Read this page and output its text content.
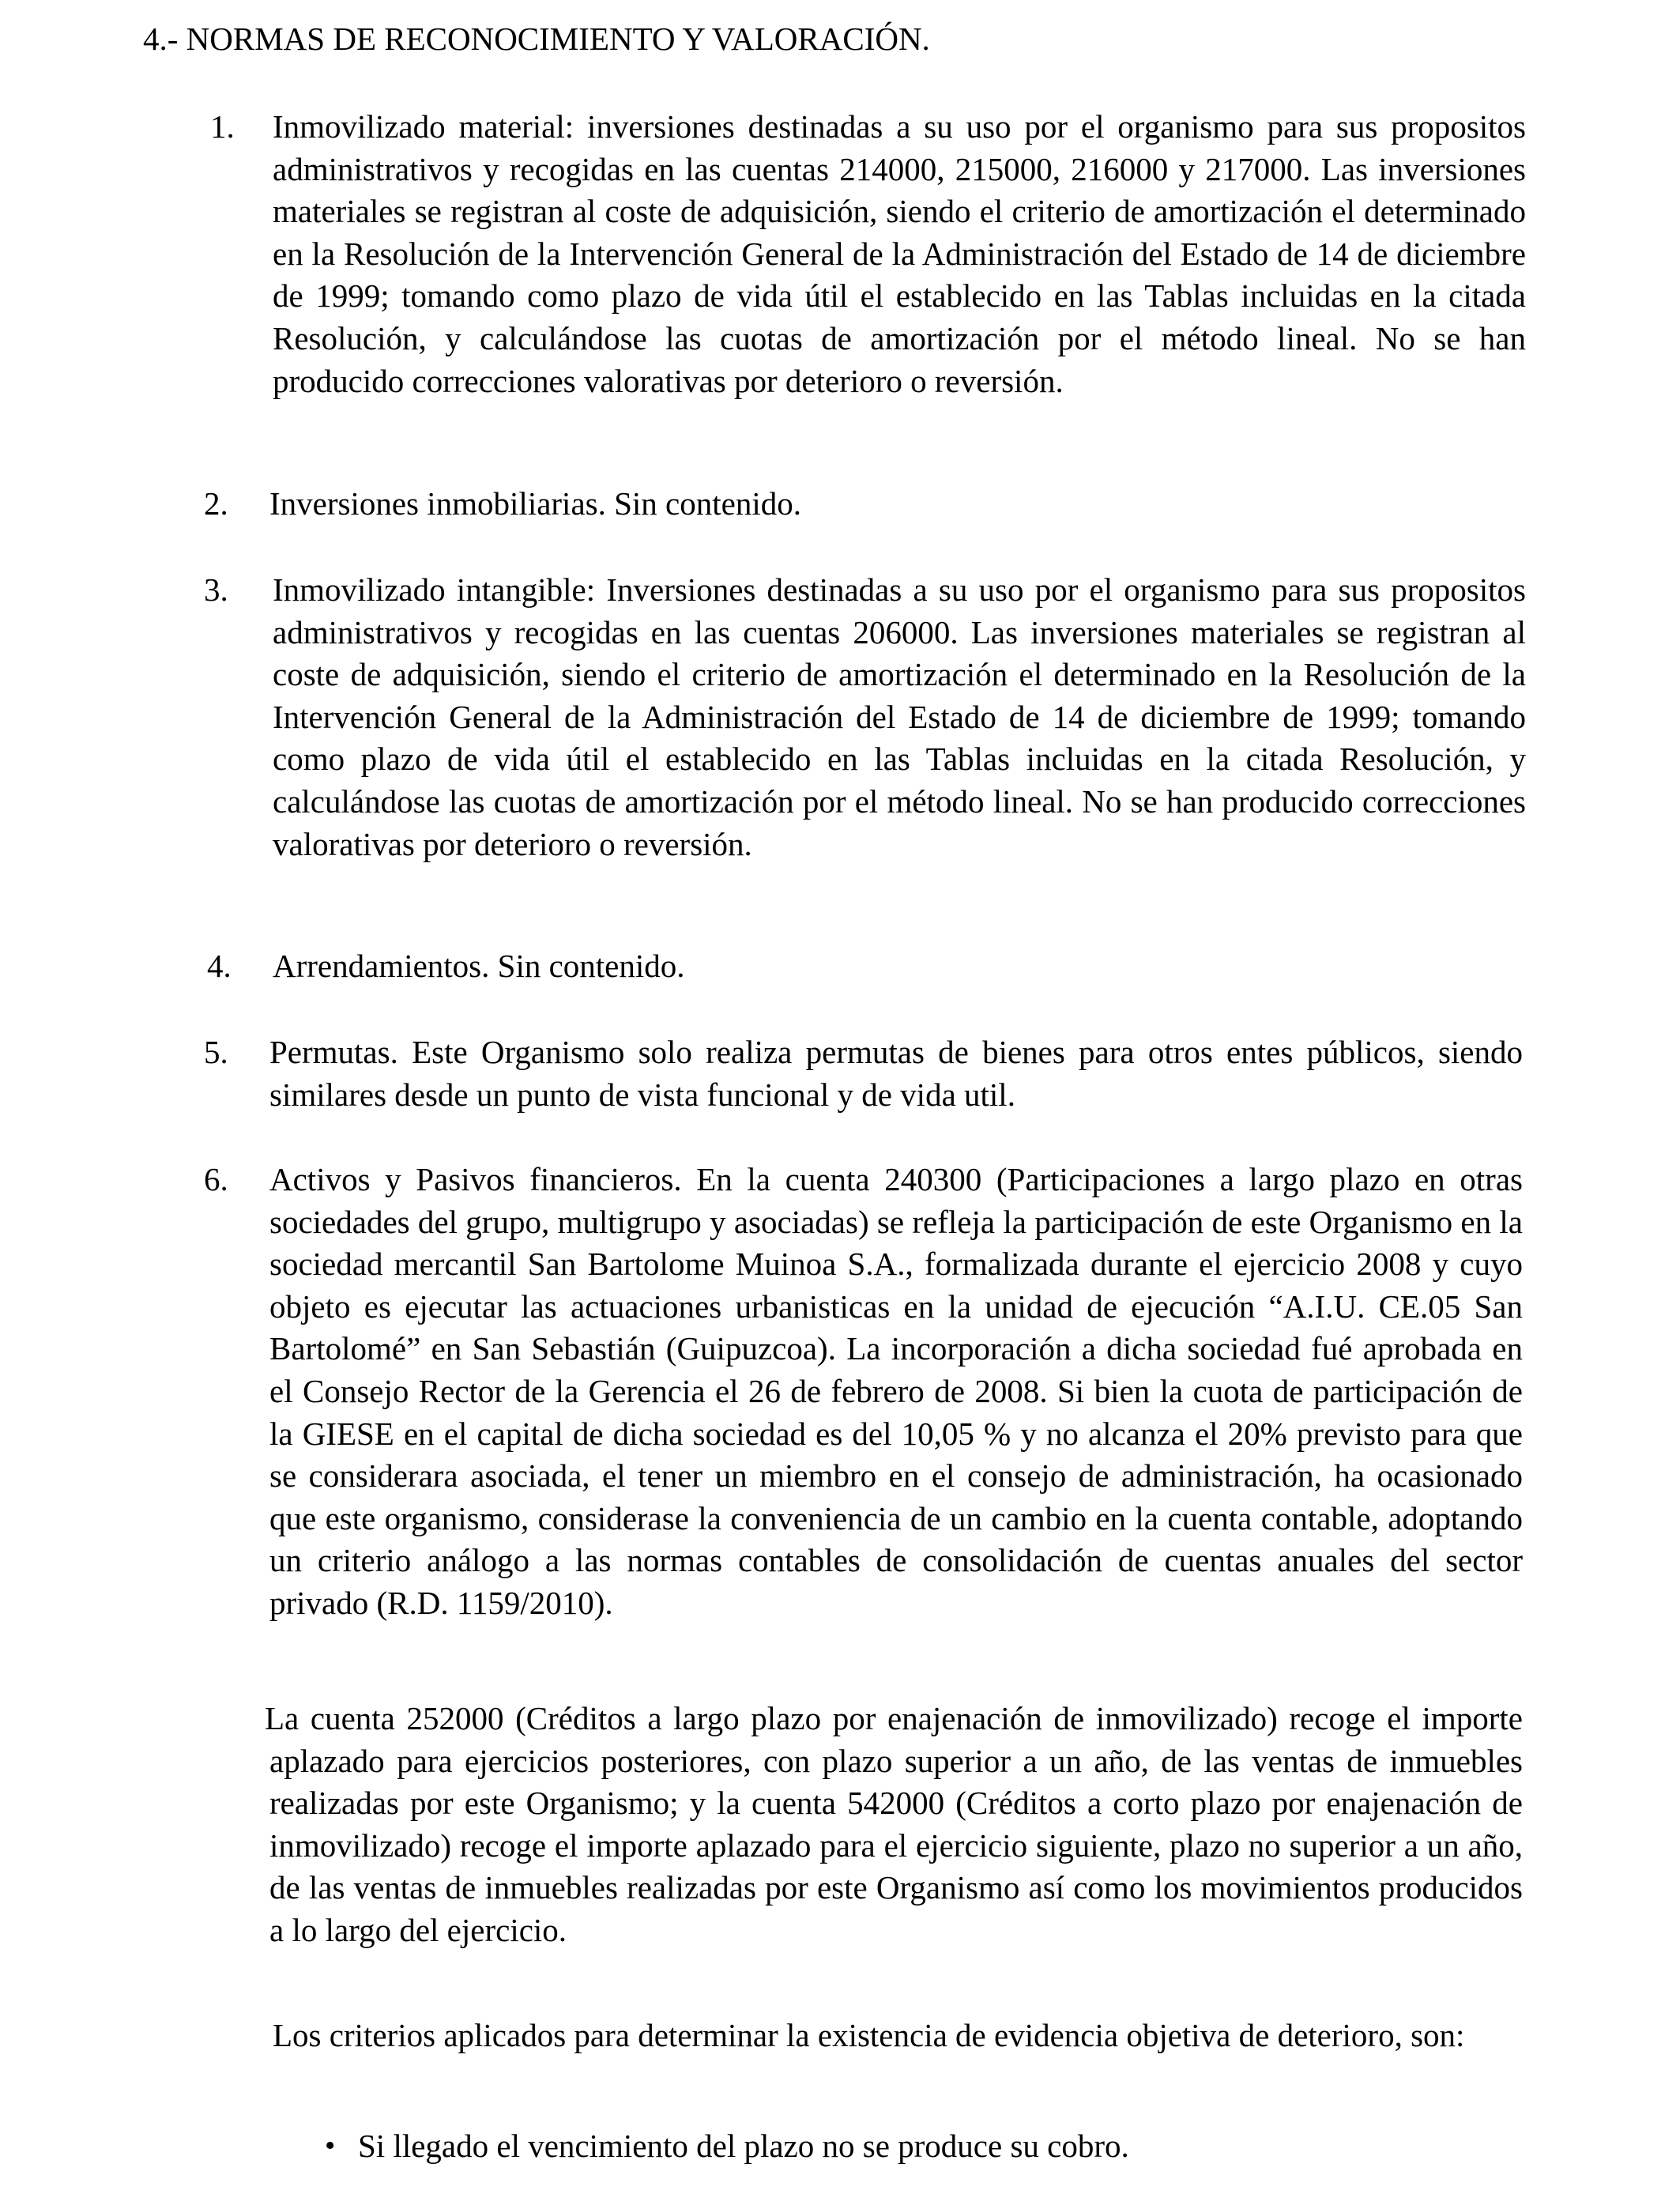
4.- NORMAS DE RECONOCIMIENTO Y VALORACIÓN.
1. Inmovilizado material: inversiones destinadas a su uso por el organismo para sus propositos administrativos y recogidas en las cuentas 214000, 215000, 216000 y 217000. Las inversiones materiales se registran al coste de adquisición, siendo el criterio de amortización el determinado en la Resolución de la Intervención General de la Administración del Estado de 14 de diciembre de 1999; tomando como plazo de vida útil el establecido en las Tablas incluidas en la citada Resolución, y calculándose las cuotas de amortización por el método lineal. No se han producido correcciones valorativas por deterioro o reversión.
2. Inversiones inmobiliarias. Sin contenido.
3. Inmovilizado intangible: Inversiones destinadas a su uso por el organismo para sus propositos administrativos y recogidas en las cuentas 206000. Las inversiones materiales se registran al coste de adquisición, siendo el criterio de amortización el determinado en la Resolución de la Intervención General de la Administración del Estado de 14 de diciembre de 1999; tomando como plazo de vida útil el establecido en las Tablas incluidas en la citada Resolución, y calculándose las cuotas de amortización por el método lineal. No se han producido correcciones valorativas por deterioro o reversión.
4. Arrendamientos. Sin contenido.
5. Permutas. Este Organismo solo realiza permutas de bienes para otros entes públicos, siendo similares desde un punto de vista funcional y de vida util.
6. Activos y Pasivos financieros. En la cuenta 240300 (Participaciones a largo plazo en otras sociedades del grupo, multigrupo y asociadas) se refleja la participación de este Organismo en la sociedad mercantil San Bartolome Muinoa S.A., formalizada durante el ejercicio 2008 y cuyo objeto es ejecutar las actuaciones urbanisticas en la unidad de ejecución “A.I.U. CE.05 San Bartolomé” en San Sebastián (Guipuzcoa). La incorporación a dicha sociedad fué aprobada en el Consejo Rector de la Gerencia el 26 de febrero de 2008. Si bien la cuota de participación de la GIESE en el capital de dicha sociedad es del 10,05 % y no alcanza el 20% previsto para que se considerara asociada, el tener un miembro en el consejo de administración, ha ocasionado que este organismo, considerase la conveniencia de un cambio en la cuenta contable, adoptando un criterio análogo a las normas contables de consolidación de cuentas anuales del sector privado (R.D. 1159/2010).
La cuenta 252000 (Créditos a largo plazo por enajenación de inmovilizado) recoge el importe aplazado para ejercicios posteriores, con plazo superior a un año, de las ventas de inmuebles realizadas por este Organismo; y la cuenta 542000 (Créditos a corto plazo por enajenación de inmovilizado) recoge el importe aplazado para el ejercicio siguiente, plazo no superior a un año, de las ventas de inmuebles realizadas por este Organismo así como los movimientos producidos a lo largo del ejercicio.
Los criterios aplicados para determinar la existencia de evidencia objetiva de deterioro, son:
• Si llegado el vencimiento del plazo no se produce su cobro.
